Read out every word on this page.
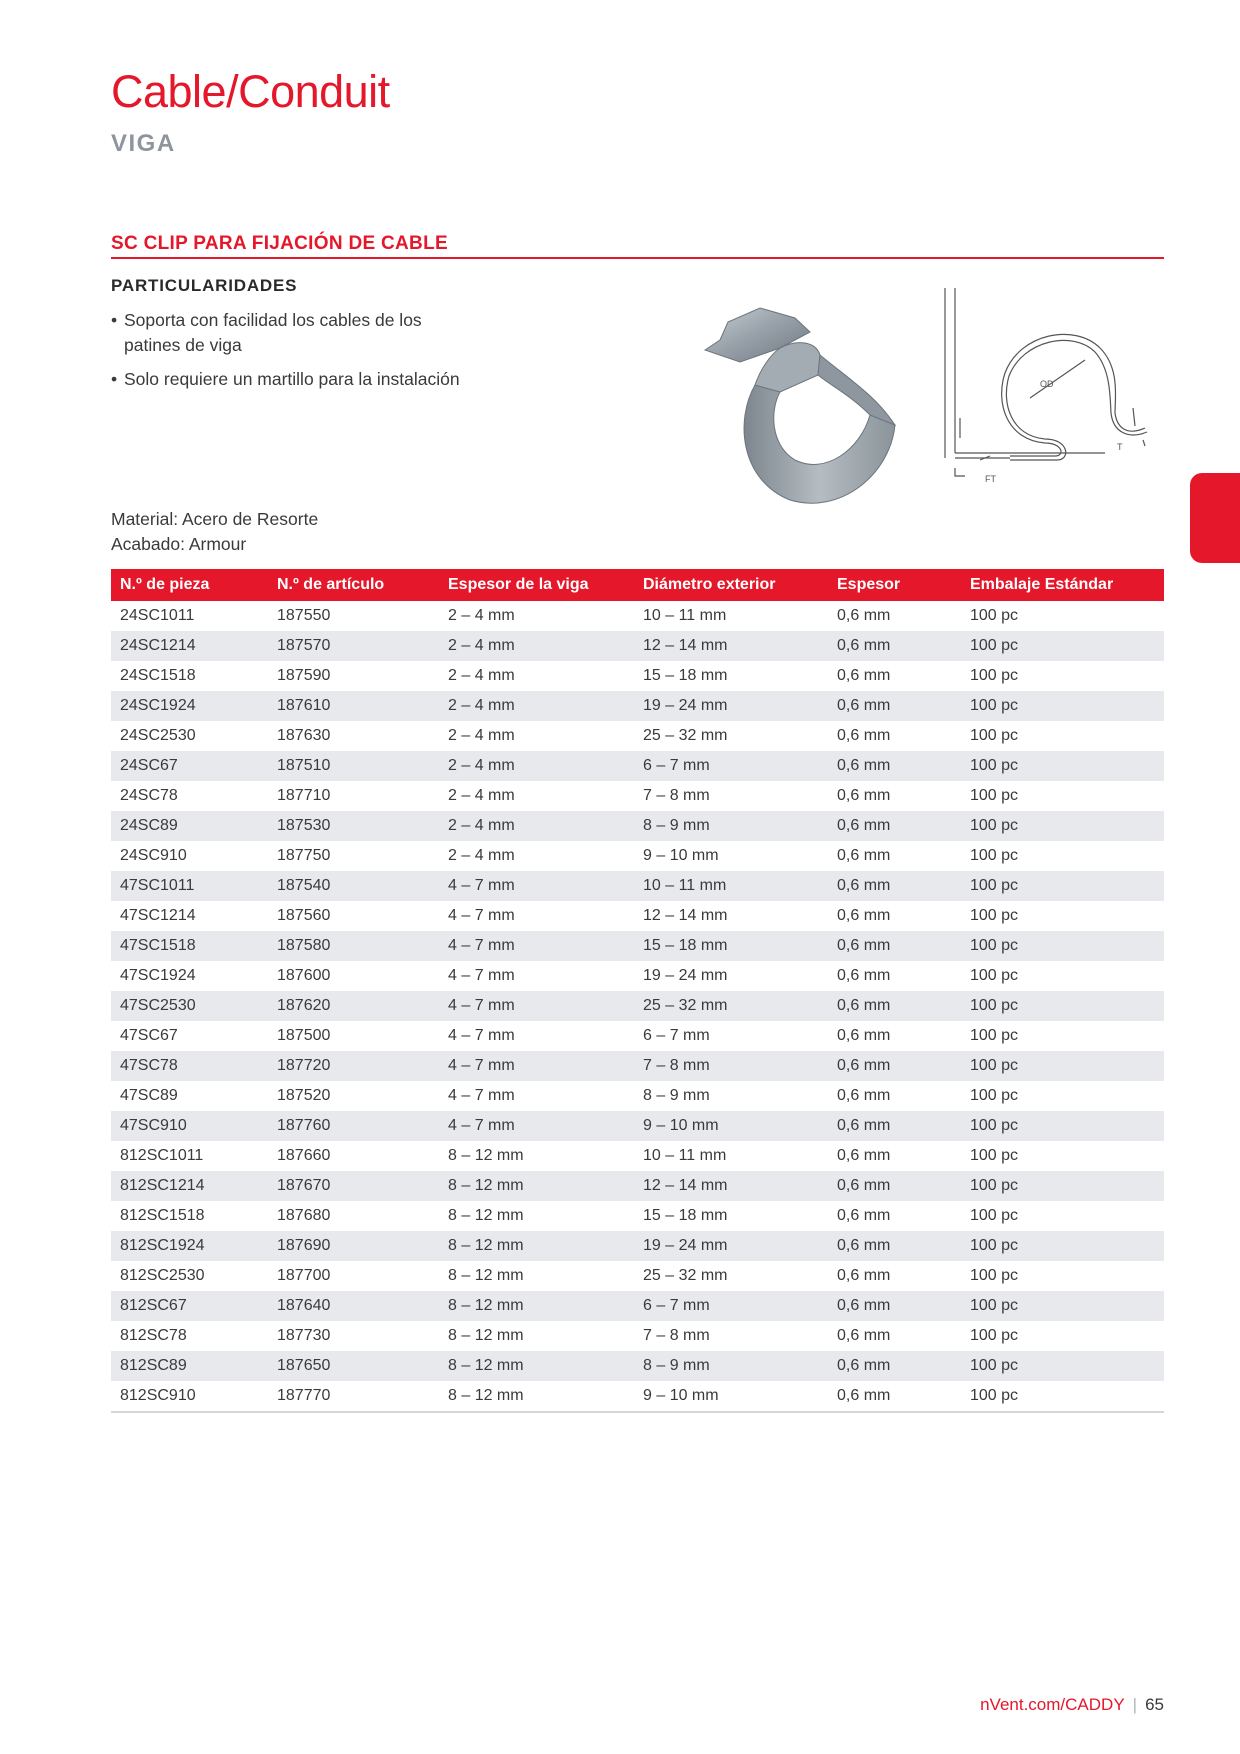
Cable/Conduit
VIGA
SC CLIP PARA FIJACIÓN DE CABLE
PARTICULARIDADES
• Soporta con facilidad los cables de los patines de viga
• Solo requiere un martillo para la instalación	OD
T
FT
Material: Acero de Resorte
Acabado: Armour
N.º de pieza	N.º de artículo	Espesor de la viga	Diámetro exterior	Espesor	Embalaje Estándar
24SC1011	187550	2 – 4 mm	10 – 11 mm	0,6 mm	100 pc
24SC1214	187570	2 – 4 mm	12 – 14 mm	0,6 mm	100 pc
24SC1518	187590	2 – 4 mm	15 – 18 mm	0,6 mm	100 pc
24SC1924	187610	2 – 4 mm	19 – 24 mm	0,6 mm	100 pc
24SC2530	187630	2 – 4 mm	25 – 32 mm	0,6 mm	100 pc
24SC67	187510	2 – 4 mm	6 – 7 mm	0,6 mm	100 pc
24SC78	187710	2 – 4 mm	7 – 8 mm	0,6 mm	100 pc
24SC89	187530	2 – 4 mm	8 – 9 mm	0,6 mm	100 pc
24SC910	187750	2 – 4 mm	9 – 10 mm	0,6 mm	100 pc
47SC1011	187540	4 – 7 mm	10 – 11 mm	0,6 mm	100 pc
47SC1214	187560	4 – 7 mm	12 – 14 mm	0,6 mm	100 pc
47SC1518	187580	4 – 7 mm	15 – 18 mm	0,6 mm	100 pc
47SC1924	187600	4 – 7 mm	19 – 24 mm	0,6 mm	100 pc
47SC2530	187620	4 – 7 mm	25 – 32 mm	0,6 mm	100 pc
47SC67	187500	4 – 7 mm	6 – 7 mm	0,6 mm	100 pc
47SC78	187720	4 – 7 mm	7 – 8 mm	0,6 mm	100 pc
47SC89	187520	4 – 7 mm	8 – 9 mm	0,6 mm	100 pc
47SC910	187760	4 – 7 mm	9 – 10 mm	0,6 mm	100 pc
812SC1011	187660	8 – 12 mm	10 – 11 mm	0,6 mm	100 pc
812SC1214	187670	8 – 12 mm	12 – 14 mm	0,6 mm	100 pc
812SC1518	187680	8 – 12 mm	15 – 18 mm	0,6 mm	100 pc
812SC1924	187690	8 – 12 mm	19 – 24 mm	0,6 mm	100 pc
812SC2530	187700	8 – 12 mm	25 – 32 mm	0,6 mm	100 pc
812SC67	187640	8 – 12 mm	6 – 7 mm	0,6 mm	100 pc
812SC78	187730	8 – 12 mm	7 – 8 mm	0,6 mm	100 pc
812SC89	187650	8 – 12 mm	8 – 9 mm	0,6 mm	100 pc
812SC910	187770	8 – 12 mm	9 – 10 mm	0,6 mm	100 pc
nVent.com/CADDY | 65
